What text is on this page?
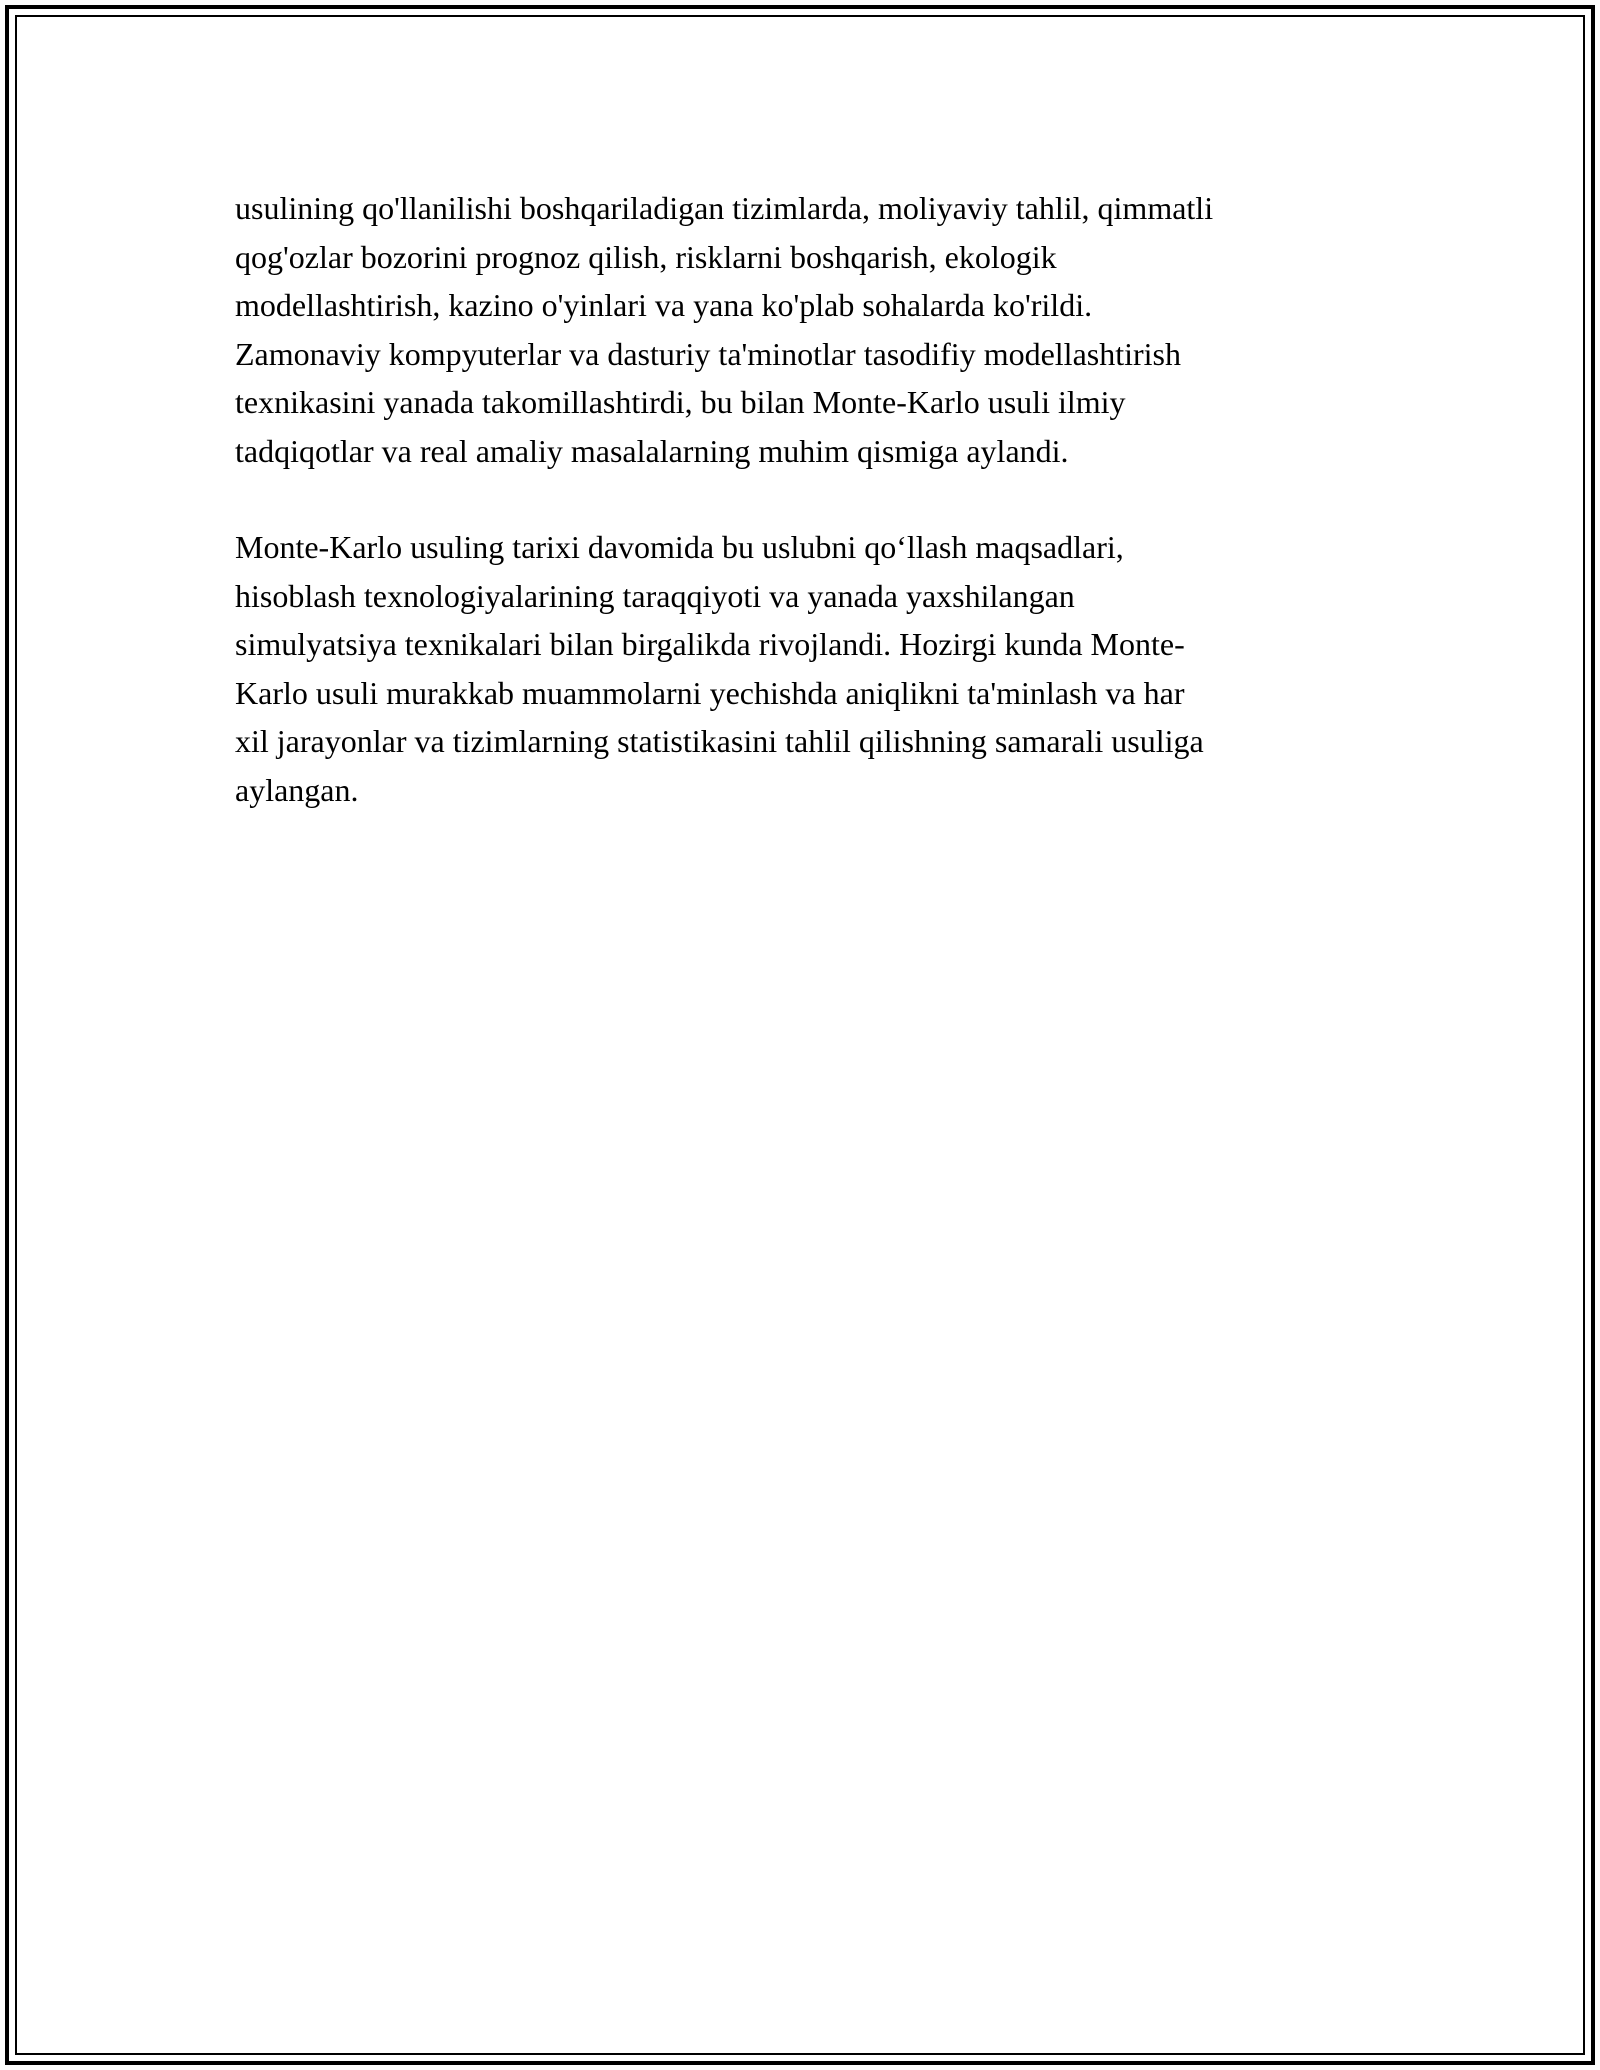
usulining qo'llanilishi boshqariladigan tizimlarda, moliyaviy tahlil, qimmatli
qog'ozlar bozorini prognoz qilish, risklarni boshqarish, ekologik
modellashtirish, kazino o'yinlari va yana ko'plab sohalarda ko'rildi.
Zamonaviy kompyuterlar va dasturiy ta'minotlar tasodifiy modellashtirish
texnikasini yanada takomillashtirdi, bu bilan Monte-Karlo usuli ilmiy
tadqiqotlar va real amaliy masalalarning muhim qismiga aylandi.

Monte-Karlo usuling tarixi davomida bu uslubni qo‘llash maqsadlari,
hisoblash texnologiyalarining taraqqiyoti va yanada yaxshilangan
simulyatsiya texnikalari bilan birgalikda rivojlandi. Hozirgi kunda Monte-
Karlo usuli murakkab muammolarni yechishda aniqlikni ta'minlash va har
xil jarayonlar va tizimlarning statistikasini tahlil qilishning samarali usuliga
aylangan.
